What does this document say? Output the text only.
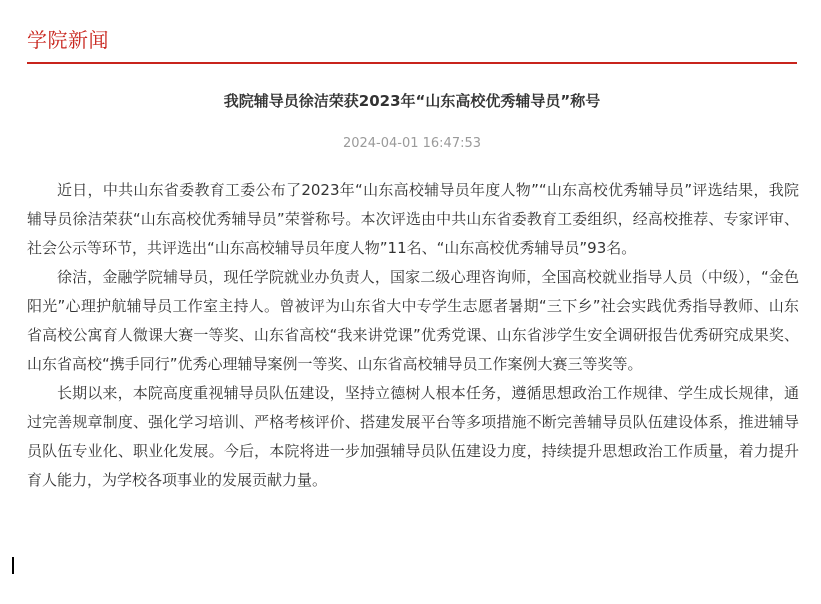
学院新闻
我院辅导员徐洁荣获2023年“山东高校优秀辅导员”称号
2024-04-01 16:47:53

近日，中共山东省委教育工委公布了2023年“山东高校辅导员年度人物”“山东高校优秀辅导员”评选结果，我院辅导员徐洁荣获“山东高校优秀辅导员”荣誉称号。本次评选由中共山东省委教育工委组织，经高校推荐、专家评审、社会公示等环节，共评选出“山东高校辅导员年度人物”11名、“山东高校优秀辅导员”93名。

徐洁，金融学院辅导员，现任学院就业办负责人，国家二级心理咨询师，全国高校就业指导人员（中级），“金色阳光”心理护航辅导员工作室主持人。曾被评为山东省大中专学生志愿者暑期“三下乡”社会实践优秀指导教师、山东省高校公寓育人微课大赛一等奖、山东省高校“我来讲党课”优秀党课、山东省涉学生安全调研报告优秀研究成果奖、山东省高校“携手同行”优秀心理辅导案例一等奖、山东省高校辅导员工作案例大赛三等奖等。

长期以来，本院高度重视辅导员队伍建设，坚持立德树人根本任务，遵循思想政治工作规律、学生成长规律，通过完善规章制度、强化学习培训、严格考核评价、搭建发展平台等多项措施不断完善辅导员队伍建设体系，推进辅导员队伍专业化、职业化发展。今后，本院将进一步加强辅导员队伍建设力度，持续提升思想政治工作质量，着力提升育人能力，为学校各项事业的发展贡献力量。
